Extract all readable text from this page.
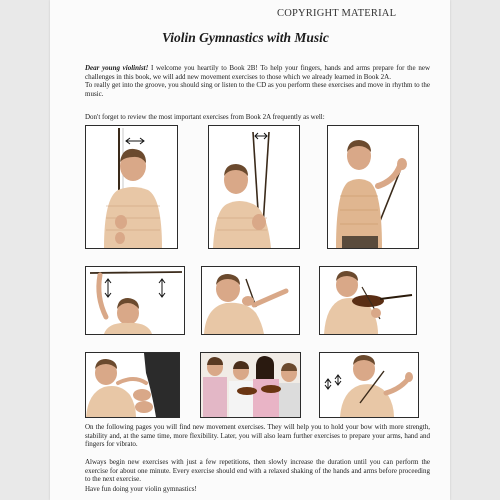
COPYRIGHT MATERIAL
Violin Gymnastics with Music

Dear young violinist! I welcome you heartily to Book 2B! To help your fingers, hands and arms prepare for the new challenges in this book, we will add new movement exercises to those which we already learned in Book 2A.

To really get into the groove, you should sing or listen to the CD as you perform these exercises and move in rhythm to the music.

Don't forget to review the most important exercises from Book 2A frequently as well:

On the following pages you will find new movement exercises. They will help you to hold your bow with more strength, stability and, at the same time, more flexibility. Later, you will also learn further exercises to prepare your arms, hand and fingers for vibrato.

Always begin new exercises with just a few repetitions, then slowly increase the duration until you can perform the exercise for about one minute. Every exercise should end with a relaxed shaking of the hands and arms before proceeding to the next exercise.

Have fun doing your violin gymnastics!
